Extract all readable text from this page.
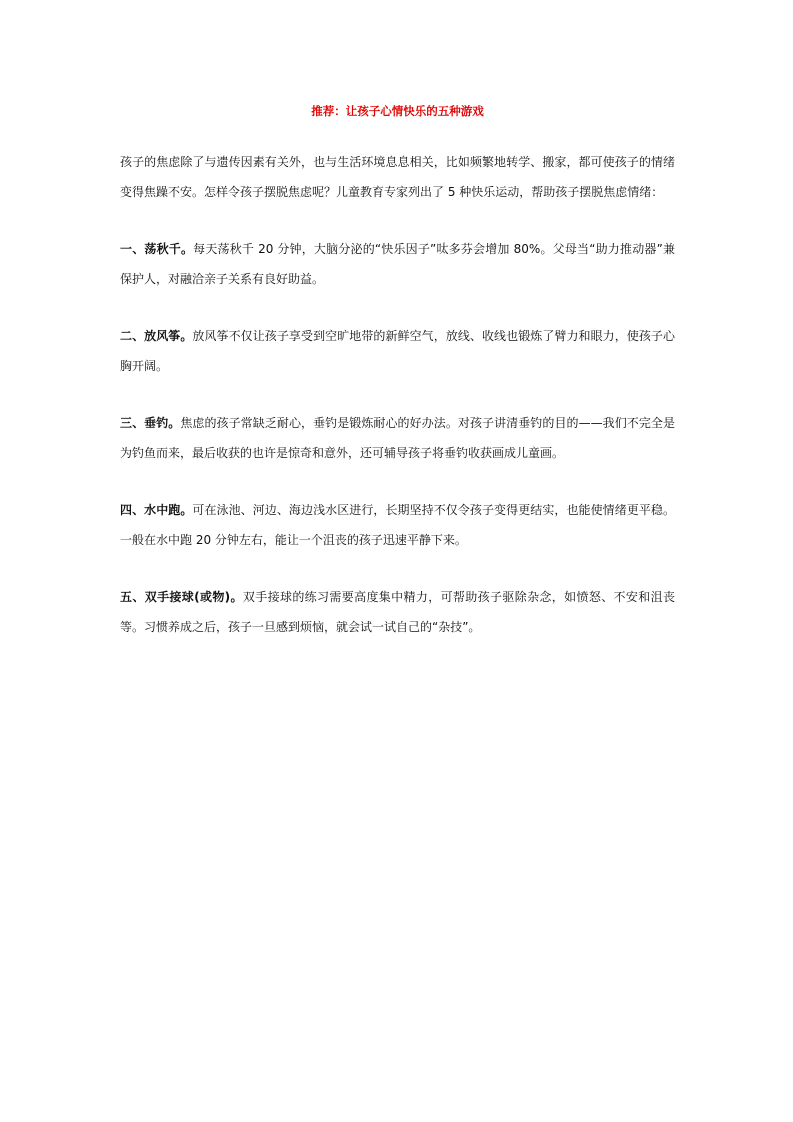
推荐：让孩子心情快乐的五种游戏

孩子的焦虑除了与遗传因素有关外，也与生活环境息息相关，比如频繁地转学、搬家，都可使孩子的情绪变得焦躁不安。怎样令孩子摆脱焦虑呢？儿童教育专家列出了 5 种快乐运动，帮助孩子摆脱焦虑情绪：

一、荡秋千。每天荡秋千 20 分钟，大脑分泌的“快乐因子”呔多芬会增加 80%。父母当“助力推动器”兼保护人，对融洽亲子关系有良好助益。

二、放风筝。放风筝不仅让孩子享受到空旷地带的新鲜空气，放线、收线也锻炼了臂力和眼力，使孩子心胸开阔。

三、垂钓。焦虑的孩子常缺乏耐心，垂钓是锻炼耐心的好办法。对孩子讲清垂钓的目的——我们不完全是为钓鱼而来，最后收获的也许是惊奇和意外，还可辅导孩子将垂钓收获画成儿童画。

四、水中跑。可在泳池、河边、海边浅水区进行，长期坚持不仅令孩子变得更结实，也能使情绪更平稳。一般在水中跑 20 分钟左右，能让一个沮丧的孩子迅速平静下来。

五、双手接球(或物)。双手接球的练习需要高度集中精力，可帮助孩子驱除杂念，如愤怒、不安和沮丧等。习惯养成之后，孩子一旦感到烦恼，就会试一试自己的“杂技”。
